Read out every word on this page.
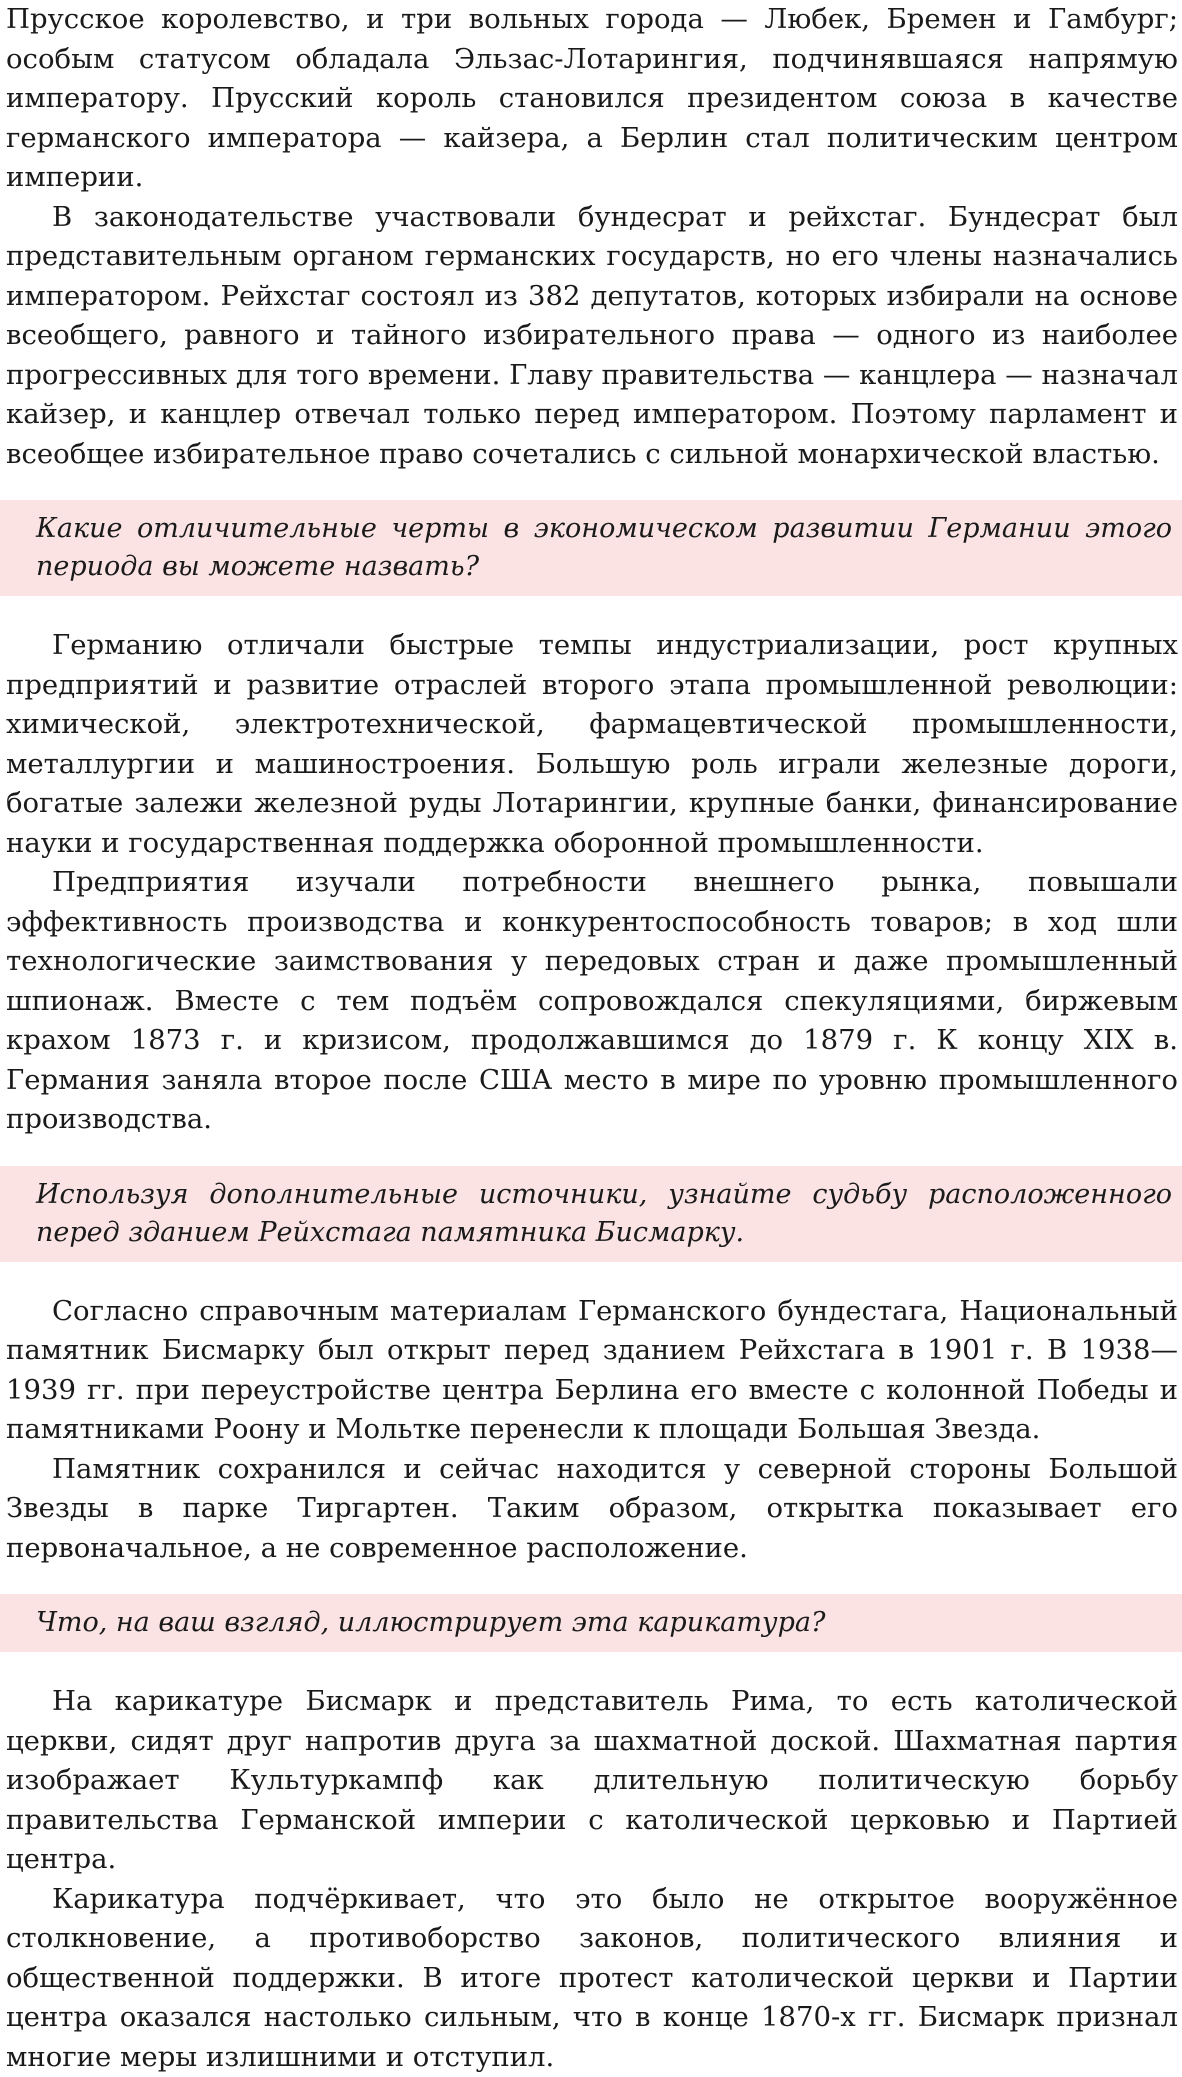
Прусское королевство, и три вольных города — Любек, Бремен и Гамбург; особым статусом обладала Эльзас-Лотарингия, подчинявшаяся напрямую императору. Прусский король становился президентом союза в качестве германского императора — кайзера, а Берлин стал политическим центром империи.

В законодательстве участвовали бундесрат и рейхстаг. Бундесрат был представительным органом германских государств, но его члены назначались императором. Рейхстаг состоял из 382 депутатов, которых избирали на основе всеобщего, равного и тайного избирательного права — одного из наиболее прогрессивных для того времени. Главу правительства — канцлера — назначал кайзер, и канцлер отвечал только перед императором. Поэтому парламент и всеобщее избирательное право сочетались с сильной монархической властью.

Какие отличительные черты в экономическом развитии Германии этого периода вы можете назвать?

Германию отличали быстрые темпы индустриализации, рост крупных предприятий и развитие отраслей второго этапа промышленной революции: химической, электротехнической, фармацевтической промышленности, металлургии и машиностроения. Большую роль играли железные дороги, богатые залежи железной руды Лотарингии, крупные банки, финансирование науки и государственная поддержка оборонной промышленности.

Предприятия изучали потребности внешнего рынка, повышали эффективность производства и конкурентоспособность товаров; в ход шли технологические заимствования у передовых стран и даже промышленный шпионаж. Вместе с тем подъём сопровождался спекуляциями, биржевым крахом 1873 г. и кризисом, продолжавшимся до 1879 г. К концу XIX в. Германия заняла второе после США место в мире по уровню промышленного производства.

Используя дополнительные источники, узнайте судьбу расположенного перед зданием Рейхстага памятника Бисмарку.

Согласно справочным материалам Германского бундестага, Национальный памятник Бисмарку был открыт перед зданием Рейхстага в 1901 г. В 1938—1939 гг. при переустройстве центра Берлина его вместе с колонной Победы и памятниками Роону и Мольтке перенесли к площади Большая Звезда.

Памятник сохранился и сейчас находится у северной стороны Большой Звезды в парке Тиргартен. Таким образом, открытка показывает его первоначальное, а не современное расположение.

Что, на ваш взгляд, иллюстрирует эта карикатура?

На карикатуре Бисмарк и представитель Рима, то есть католической церкви, сидят друг напротив друга за шахматной доской. Шахматная партия изображает Культуркампф как длительную политическую борьбу правительства Германской империи с католической церковью и Партией центра.

Карикатура подчёркивает, что это было не открытое вооружённое столкновение, а противоборство законов, политического влияния и общественной поддержки. В итоге протест католической церкви и Партии центра оказался настолько сильным, что в конце 1870-х гг. Бисмарк признал многие меры излишними и отступил.
